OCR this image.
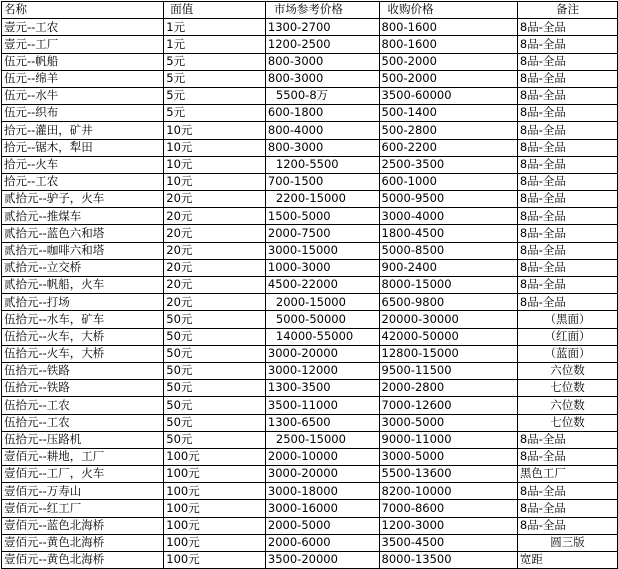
名称	面值	市场参考价格	收购价格	备注
壹元--工农	1元	1300-2700	800-1600	8品-全品
壹元--工厂	1元	1200-2500	800-1600	8品-全品
伍元--帆船	5元	800-3000	500-2000	8品-全品
伍元--绵羊	5元	800-3000	500-2000	8品-全品
伍元--水牛	5元	5500-8万	3500-60000	8品-全品
伍元--织布	5元	600-1800	500-1400	8品-全品
拾元--灌田，矿井	10元	800-4000	500-2800	8品-全品
拾元--锯木，犁田	10元	800-3000	600-2200	8品-全品
拾元--火车	10元	1200-5500	2500-3500	8品-全品
拾元--工农	10元	700-1500	600-1000	8品-全品
贰拾元--驴子，火车	20元	2200-15000	5000-9500	8品-全品
贰拾元--推煤车	20元	1500-5000	3000-4000	8品-全品
贰拾元--蓝色六和塔	20元	2000-7500	1800-4500	8品-全品
贰拾元--咖啡六和塔	20元	3000-15000	5000-8500	8品-全品
贰拾元--立交桥	20元	1000-3000	900-2400	8品-全品
贰拾元--帆船，火车	20元	4500-22000	8000-15000	8品-全品
贰拾元--打场	20元	2000-15000	6500-9800	8品-全品
伍拾元--水车，矿车	50元	5000-50000	20000-30000	（黑面）
伍拾元--火车，大桥	50元	14000-55000	42000-50000	（红面）
伍拾元--火车，大桥	50元	3000-20000	12800-15000	（蓝面）
伍拾元--铁路	50元	3000-12000	9500-11500	六位数
伍拾元--铁路	50元	1300-3500	2000-2800	七位数
伍拾元--工农	50元	3500-11000	7000-12600	六位数
伍拾元--工农	50元	1300-6500	3000-5000	七位数
伍拾元--压路机	50元	2500-15000	9000-11000	8品-全品
壹佰元--耕地，工厂	100元	2000-10000	3000-5000	8品-全品
壹佰元--工厂，火车	100元	3000-20000	5500-13600	黑色工厂
壹佰元--万寿山	100元	3000-18000	8200-10000	8品-全品
壹佰元--红工厂	100元	3000-16000	7000-8600	8品-全品
壹佰元--蓝色北海桥	100元	2000-5000	1200-3000	8品-全品
壹佰元--黄色北海桥	100元	2000-6000	3500-4500	圆三版
壹佰元--黄色北海桥	100元	3500-20000	8000-13500	宽距
